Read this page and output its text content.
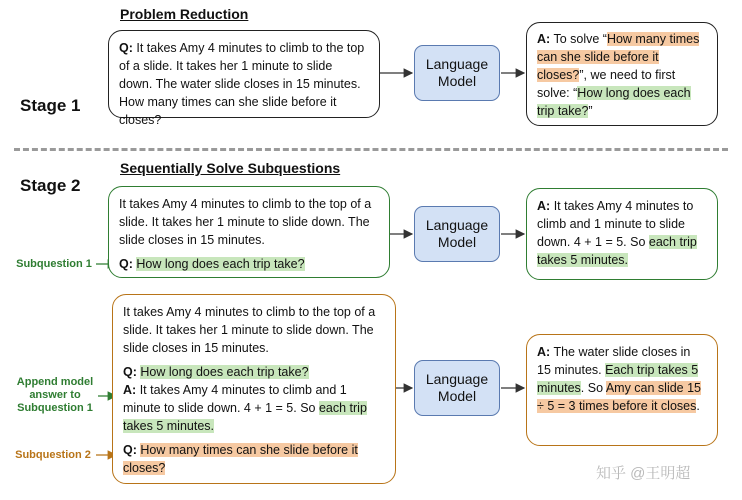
Problem Reduction
Stage 1
Sequentially Solve Subquestions
Stage 2

Q: It takes Amy 4 minutes to climb to the top of a slide. It takes her 1 minute to slide down. The water slide closes in 15 minutes. How many times can she slide before it closes?

Language Model

A: To solve “How many times can she slide before it closes?”, we need to first solve: “How long does each trip take?”

It takes Amy 4 minutes to climb to the top of a slide. It takes her 1 minute to slide down. The slide closes in 15 minutes.

Q: How long does each trip take?

Subquestion 1
Language Model

A: It takes Amy 4 minutes to climb and 1 minute to slide down. 4 + 1 = 5. So each trip takes 5 minutes.

It takes Amy 4 minutes to climb to the top of a slide. It takes her 1 minute to slide down. The slide closes in 15 minutes.

Q: How long does each trip take?

A: It takes Amy 4 minutes to climb and 1 minute to slide down. 4 + 1 = 5. So each trip takes 5 minutes.

Q: How many times can she slide before it closes?

Append model answer to Subquestion 1
Subquestion 2
Language Model

A: The water slide closes in 15 minutes. Each trip takes 5 minutes. So Amy can slide 15 ÷ 5 = 3 times before it closes.

知乎 @王明超
